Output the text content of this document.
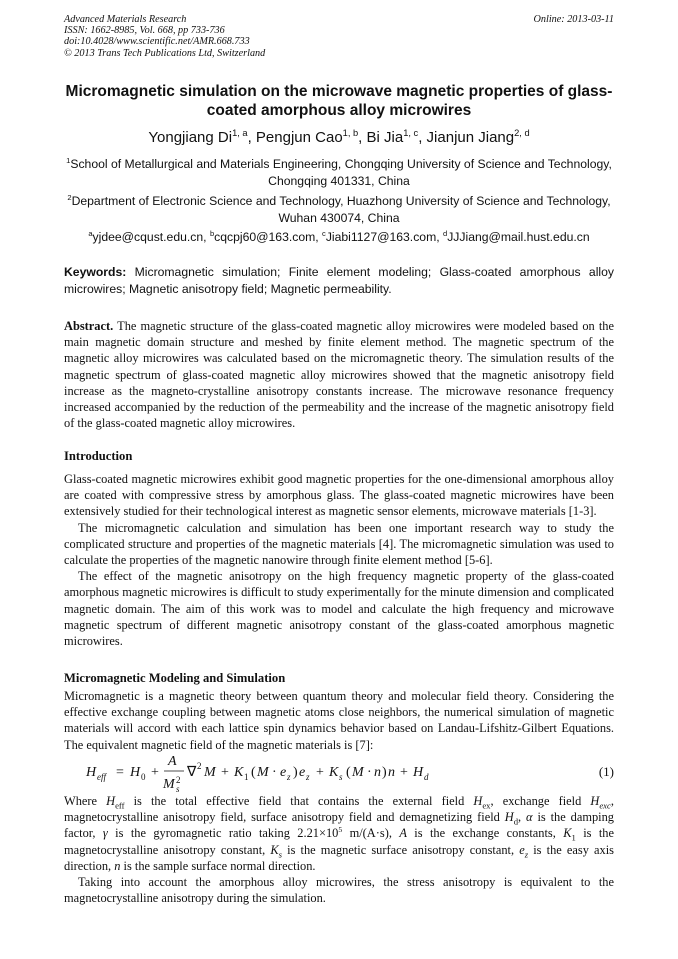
Advanced Materials Research
ISSN: 1662-8985, Vol. 668, pp 733-736
doi:10.4028/www.scientific.net/AMR.668.733
© 2013 Trans Tech Publications Ltd, Switzerland
Online: 2013-03-11
Micromagnetic simulation on the microwave magnetic properties of glass-coated amorphous alloy microwires
Yongjiang Di$^{1, a}$, Pengjun Cao$^{1, b}$, Bi Jia$^{1, c}$, Jianjun Jiang$^{2, d}$
$^1$School of Metallurgical and Materials Engineering, Chongqing University of Science and Technology, Chongqing 401331, China
$^2$Department of Electronic Science and Technology, Huazhong University of Science and Technology, Wuhan 430074, China
$^a$yjdee@cqust.edu.cn, $^b$cqcpj60@163.com, $^c$Jiabi1127@163.com, $^d$JJJiang@mail.hust.edu.cn
Keywords: Micromagnetic simulation; Finite element modeling; Glass-coated amorphous alloy microwires; Magnetic anisotropy field; Magnetic permeability.
Abstract. The magnetic structure of the glass-coated magnetic alloy microwires were modeled based on the main magnetic domain structure and meshed by finite element method. The magnetic spectrum of the magnetic alloy microwires was calculated based on the micromagnetic theory. The simulation results of the magnetic spectrum of glass-coated magnetic alloy microwires showed that the magnetic anisotropy field increase as the magneto-crystalline anisotropy constants increase. The microwave resonance frequency increased accompanied by the reduction of the permeability and the increase of the magnetic anisotropy field of the glass-coated magnetic alloy microwires.
Introduction
Glass-coated magnetic microwires exhibit good magnetic properties for the one-dimensional amorphous alloy are coated with compressive stress by amorphous glass. The glass-coated magnetic microwires have been extensively studied for their technological interest as magnetic sensor elements, microwave materials [1-3].
The micromagnetic calculation and simulation has been one important research way to study the complicated structure and properties of the magnetic materials [4]. The micromagnetic simulation was used to calculate the properties of the magnetic nanowire through finite element method [5-6].
The effect of the magnetic anisotropy on the high frequency magnetic property of the glass-coated amorphous magnetic microwires is difficult to study experimentally for the minute dimension and complicated magnetic domain. The aim of this work was to model and calculate the high frequency and microwave magnetic spectrum of different magnetic anisotropy constant of the glass-coated amorphous magnetic microwires.
Micromagnetic Modeling and Simulation
Micromagnetic is a magnetic theory between quantum theory and molecular field theory. Considering the effective exchange coupling between magnetic atoms close neighbors, the numerical simulation of magnetic materials will accord with each lattice spin dynamics behavior based on Landau-Lifshitz-Gilbert Equations. The equivalent magnetic field of the magnetic materials is [7]:
H eff = H 0 +
A
M 2
s
∇ 2 M + K 1 ( M · e z ) e z + K s ( M · n ) n + H d	(1)
Where $H_{eff}$ is the total effective field that contains the external field $H_{ex}$, exchange field $H_{exc}$, magnetocrystalline anisotropy field, surface anisotropy field and demagnetizing field $H_d$, α is the damping factor, γ is the gyromagnetic ratio taking $2.21\times 10^5$ m/(A·s), A is the exchange constants, $K_1$ is the magnetocrystalline anisotropy constant, $K_s$ is the magnetic surface anisotropy constant, $e_z$ is the easy axis direction, n is the sample surface normal direction.
Taking into account the amorphous alloy microwires, the stress anisotropy is equivalent to the magnetocrystalline anisotropy during the simulation.
